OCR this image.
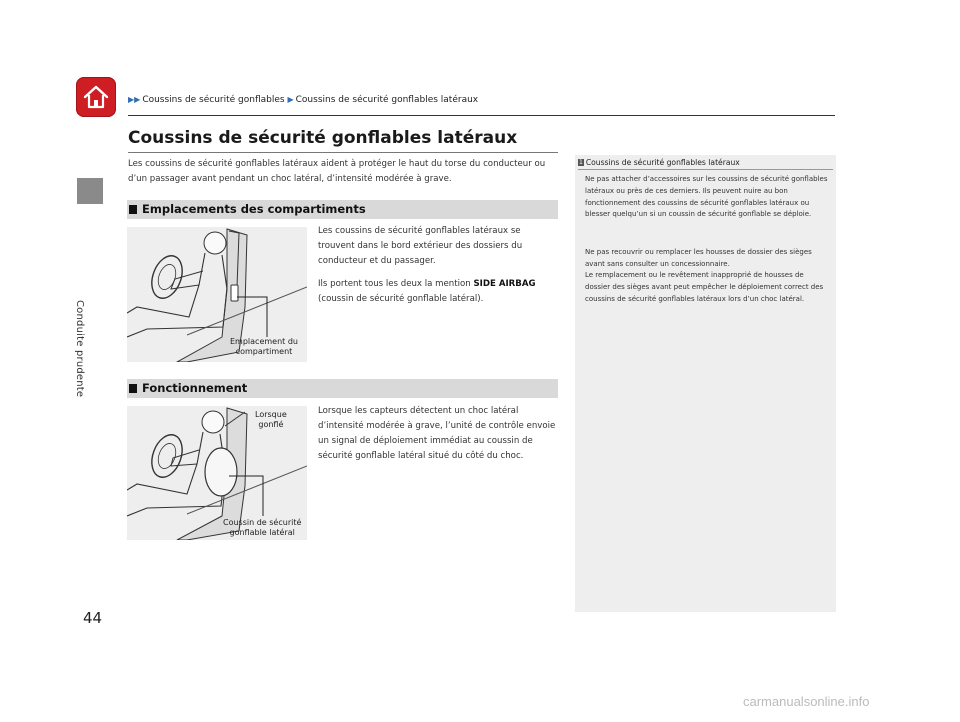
Conduite prudente
▶▶ Coussins de sécurité gonflables ▶ Coussins de sécurité gonflables latéraux
Coussins de sécurité gonflables latéraux
Les coussins de sécurité gonflables latéraux aident à protéger le haut du torse du conducteur ou d’un passager avant pendant un choc latéral, d’intensité modérée à grave.
Emplacements des compartiments
Emplacement du
compartiment
Les coussins de sécurité gonflables latéraux se trouvent dans le bord extérieur des dossiers du conducteur et du passager.
Ils portent tous les deux la mention SIDE AIRBAG (coussin de sécurité gonflable latéral).
Fonctionnement
Lorsque
gonflé
Coussin de sécurité
gonflable latéral
Lorsque les capteurs détectent un choc latéral d’intensité modérée à grave, l’unité de contrôle envoie un signal de déploiement immédiat au coussin de sécurité gonflable latéral situé du côté du choc.
1 Coussins de sécurité gonflables latéraux
Ne pas attacher d’accessoires sur les coussins de sécurité gonflables latéraux ou près de ces derniers. Ils peuvent nuire au bon fonctionnement des coussins de sécurité gonflables latéraux ou blesser quelqu’un si un coussin de sécurité gonflable se déploie.
Ne pas recouvrir ou remplacer les housses de dossier des sièges avant sans consulter un concessionnaire.
Le remplacement ou le revêtement inapproprié de housses de dossier des sièges avant peut empêcher le déploiement correct des coussins de sécurité gonflables latéraux lors d’un choc latéral.
44
carmanualsonline.info
